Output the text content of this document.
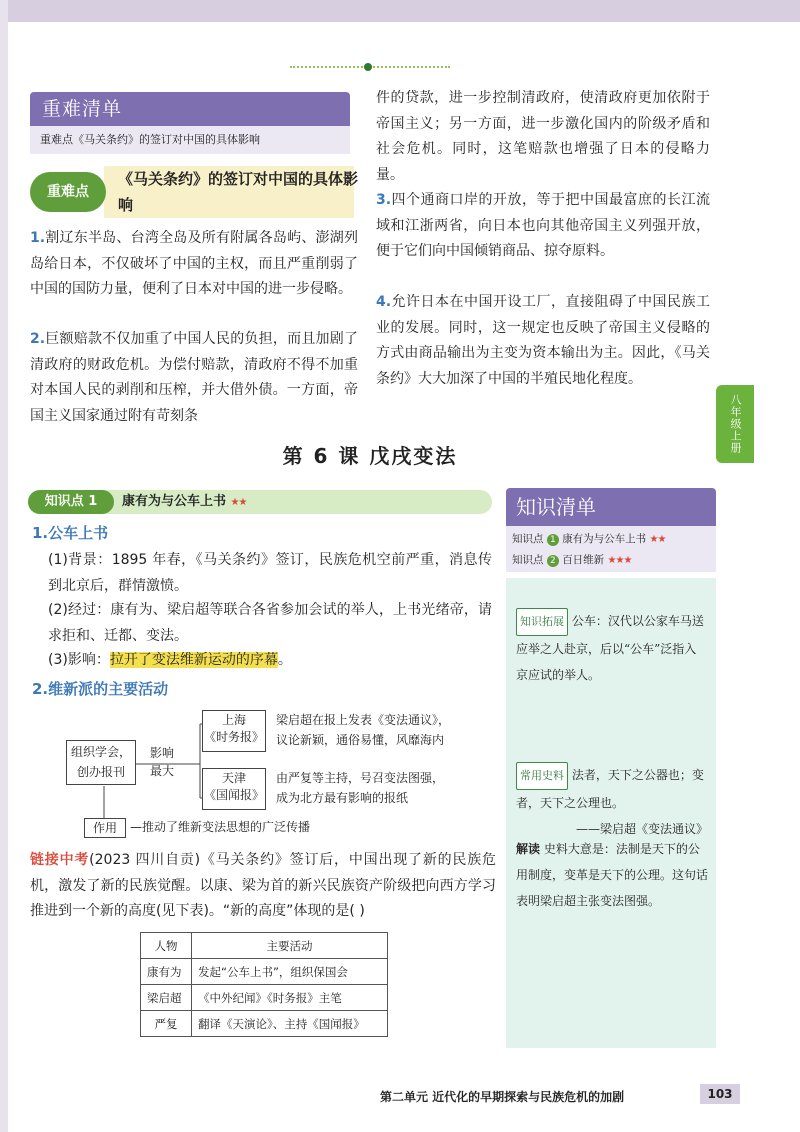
重难清单
重难点《马关条约》的签订对中国的具体影响
重难点
《马关条约》的签订对中国的具体影响
1.割辽东半岛、台湾全岛及所有附属各岛屿、澎湖列岛给日本，不仅破坏了中国的主权，而且严重削弱了中国的国防力量，便利了日本对中国的进一步侵略。
2.巨额赔款不仅加重了中国人民的负担，而且加剧了清政府的财政危机。为偿付赔款，清政府不得不加重对本国人民的剥削和压榨，并大借外债。一方面，帝国主义国家通过附有苛刻条
件的贷款，进一步控制清政府，使清政府更加依附于帝国主义；另一方面，进一步激化国内的阶级矛盾和社会危机。同时，这笔赔款也增强了日本的侵略力量。
3.四个通商口岸的开放，等于把中国最富庶的长江流域和江浙两省，向日本也向其他帝国主义列强开放，便于它们向中国倾销商品、掠夺原料。
4.允许日本在中国开设工厂，直接阻碍了中国民族工业的发展。同时，这一规定也反映了帝国主义侵略的方式由商品输出为主变为资本输出为主。因此，《马关条约》大大加深了中国的半殖民地化程度。
八年级上册
第 6 课 戊戌变法
知识点 1	康有为与公车上书 ★★
1.公车上书
(1)背景：1895 年春，《马关条约》签订，民族危机空前严重，消息传到北京后，群情激愤。
(2)经过：康有为、梁启超等联合各省参加会试的举人，上书光绪帝，请求拒和、迁都、变法。
(3)影响：拉开了变法维新运动的序幕。
2.维新派的主要活动
组织学会，创办报刊
影响最大
上海
《时务报》
梁启超在报上发表《变法通议》，
议论新颖，通俗易懂，风靡海内
天津
《国闻报》
由严复等主持，号召变法图强，
成为北方最有影响的报纸
作用	—推动了维新变法思想的广泛传播
链接中考(2023 四川自贡)《马关条约》签订后，中国出现了新的民族危机，激发了新的民族觉醒。以康、梁为首的新兴民族资产阶级把向西方学习推进到一个新的高度(见下表)。“新的高度”体现的是( )
人物	主要活动
康有为	发起“公车上书”，组织保国会
梁启超	《中外纪闻》《时务报》主笔
严复	翻译《天演论》、主持《国闻报》
知识清单
知识点 1 康有为与公车上书 ★★
知识点 2 百日维新 ★★★
知识拓展 公车：汉代以公家车马送应举之人赴京，后以“公车”泛指入京应试的举人。
常用史料 法者，天下之公器也；变者，天下之公理也。
——梁启超《变法通议》
解读 史料大意是：法制是天下的公用制度，变革是天下的公理。这句话表明梁启超主张变法图强。
第二单元 近代化的早期探索与民族危机的加剧	103
